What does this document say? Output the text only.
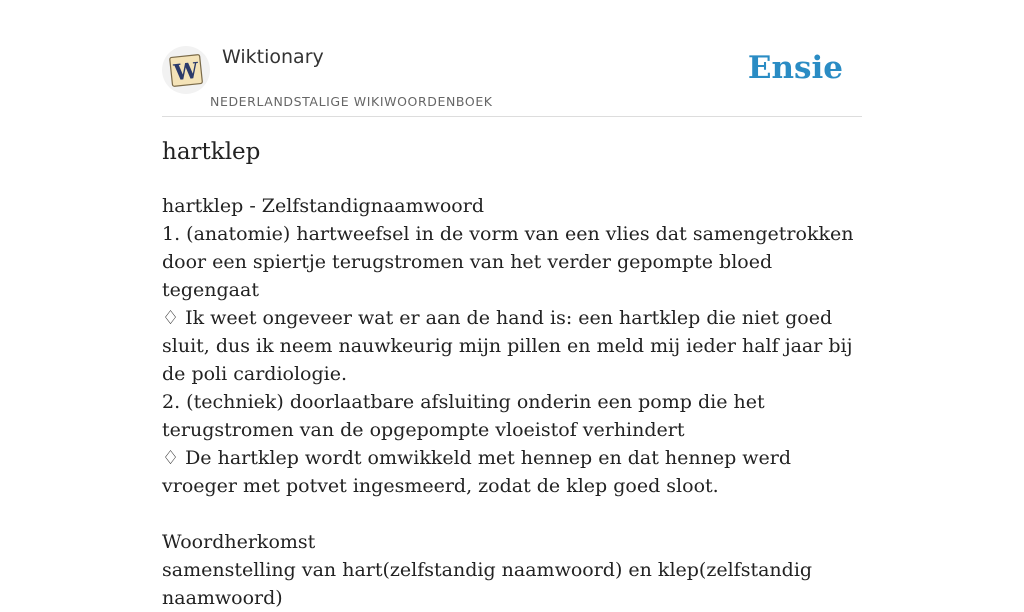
W
Wiktionary
NEDERLANDSTALIGE WIKIWOORDENBOEK
Ensie
hartklep

hartklep - Zelfstandignaamwoord

1. (anatomie) hartweefsel in de vorm van een vlies dat samengetrokken door een spiertje terugstromen van het verder gepompte bloed tegengaat

♢ Ik weet ongeveer wat er aan de hand is: een hartklep die niet goed sluit, dus ik neem nauwkeurig mijn pillen en meld mij ieder half jaar bij de poli cardiologie.

2. (techniek) doorlaatbare afsluiting onderin een pomp die het terugstromen van de opgepompte vloeistof verhindert

♢ De hartklep wordt omwikkeld met hennep en dat hennep werd vroeger met potvet ingesmeerd, zodat de klep goed sloot.

Woordherkomst

samenstelling van hart(zelfstandig naamwoord) en klep(zelfstandig naamwoord)
